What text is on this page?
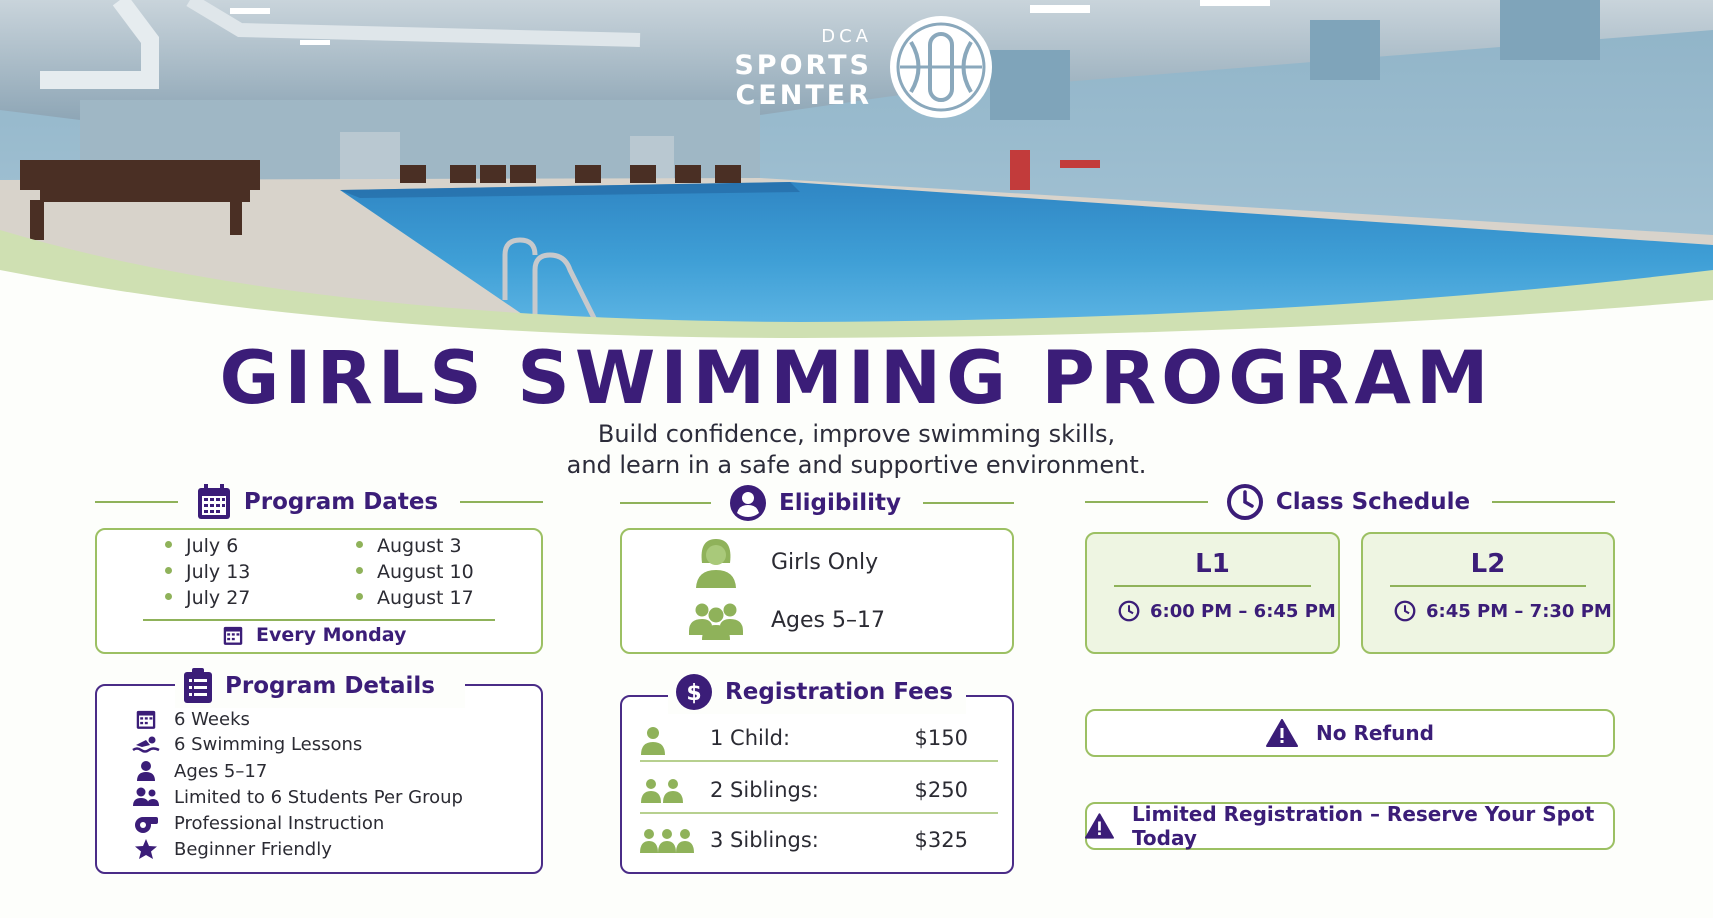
DCA
SPORTS
CENTER
GIRLS SWIMMING PROGRAM
Build confidence, improve swimming skills,
and learn in a safe and supportive environment.
Program Dates
July 6
July 13
July 27
August 3
August 10
August 17
Every Monday
Program Details
6 Weeks
6 Swimming Lessons
Ages 5–17
Limited to 6 Students Per Group
Professional Instruction
Beginner Friendly
Eligibility
Girls Only
Ages 5–17
$ Registration Fees
1 Child:	$150
2 Siblings:	$250
3 Siblings:	$325
Class Schedule
L1
6:00 PM – 6:45 PM
L2
6:45 PM – 7:30 PM
No Refund
Limited Registration – Reserve Your Spot Today
